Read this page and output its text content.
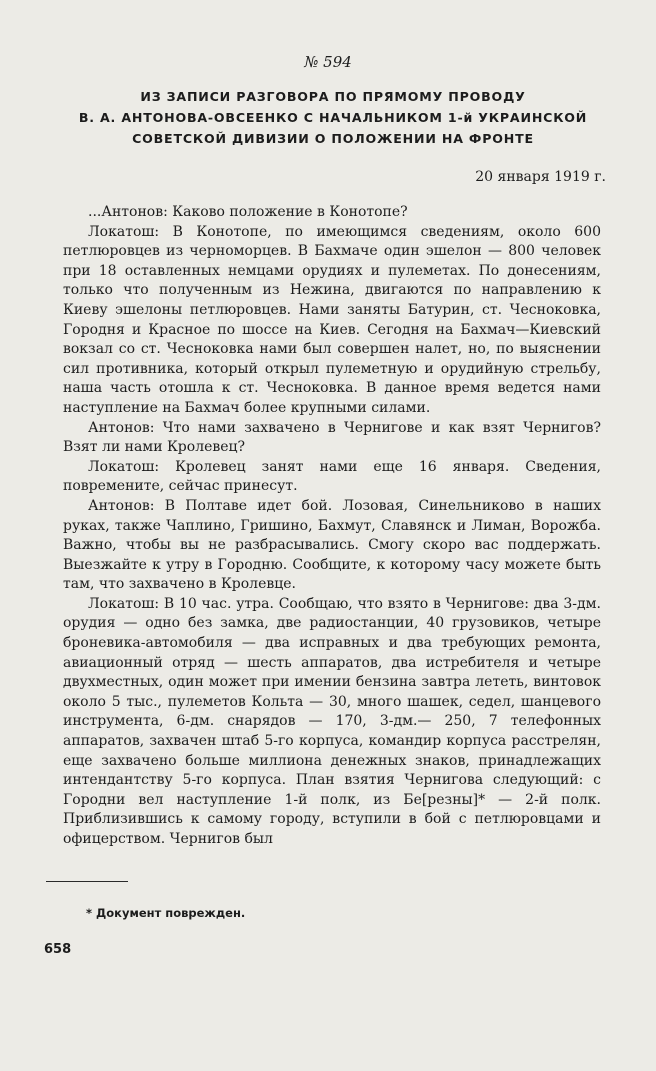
№ 594
ИЗ ЗАПИСИ РАЗГОВОРА ПО ПРЯМОМУ ПРОВОДУ
В. А. АНТОНОВА-ОВСЕЕНКО С НАЧАЛЬНИКОМ 1-й УКРАИНСКОЙ
СОВЕТСКОЙ ДИВИЗИИ О ПОЛОЖЕНИИ НА ФРОНТЕ
20 января 1919 г.

...Антонов: Каково положение в Конотопе?

Локатош: В Конотопе, по имеющимся сведениям, около 600 петлюровцев из черноморцев. В Бахмаче один эшелон — 800 человек при 18 оставленных немцами орудиях и пулеметах. По донесениям, только что полученным из Нежина, двигаются по направлению к Киеву эшелоны петлюровцев. Нами заняты Батурин, ст. Чесноковка, Городня и Красное по шоссе на Киев. Сегодня на Бахмач—Киевский вокзал со ст. Чесноковка нами был совершен налет, но, по выяснении сил противника, который открыл пулеметную и орудийную стрельбу, наша часть отошла к ст. Чесноковка. В данное время ведется нами наступление на Бахмач более крупными силами.

Антонов: Что нами захвачено в Чернигове и как взят Чернигов? Взят ли нами Кролевец?

Локатош: Кролевец занят нами еще 16 января. Сведения, повремените, сейчас принесут.

Антонов: В Полтаве идет бой. Лозовая, Синельниково в наших руках, также Чаплино, Гришино, Бахмут, Славянск и Лиман, Ворожба. Важно, чтобы вы не разбрасывались. Смогу скоро вас поддержать. Выезжайте к утру в Городню. Сообщите, к которому часу можете быть там, что захвачено в Кролевце.

Локатош: В 10 час. утра. Сообщаю, что взято в Чернигове: два 3-дм. орудия — одно без замка, две радиостанции, 40 грузовиков, четыре броневика-автомобиля — два исправных и два требующих ремонта, авиационный отряд — шесть аппаратов, два истребителя и четыре двухместных, один может при имении бензина завтра лететь, винтовок около 5 тыс., пулеметов Кольта — 30, много шашек, седел, шанцевого инструмента, 6-дм. снарядов — 170, 3-дм.— 250, 7 телефонных аппаратов, захвачен штаб 5-го корпуса, командир корпуса расстрелян, еще захвачено больше миллиона денежных знаков, принадлежащих интендантству 5-го корпуса. План взятия Чернигова следующий: с Городни вел наступление 1-й полк, из Бе[резны]* — 2-й полк. Приблизившись к самому городу, вступили в бой с петлюровцами и офицерством. Чернигов был

* Документ поврежден.
658
